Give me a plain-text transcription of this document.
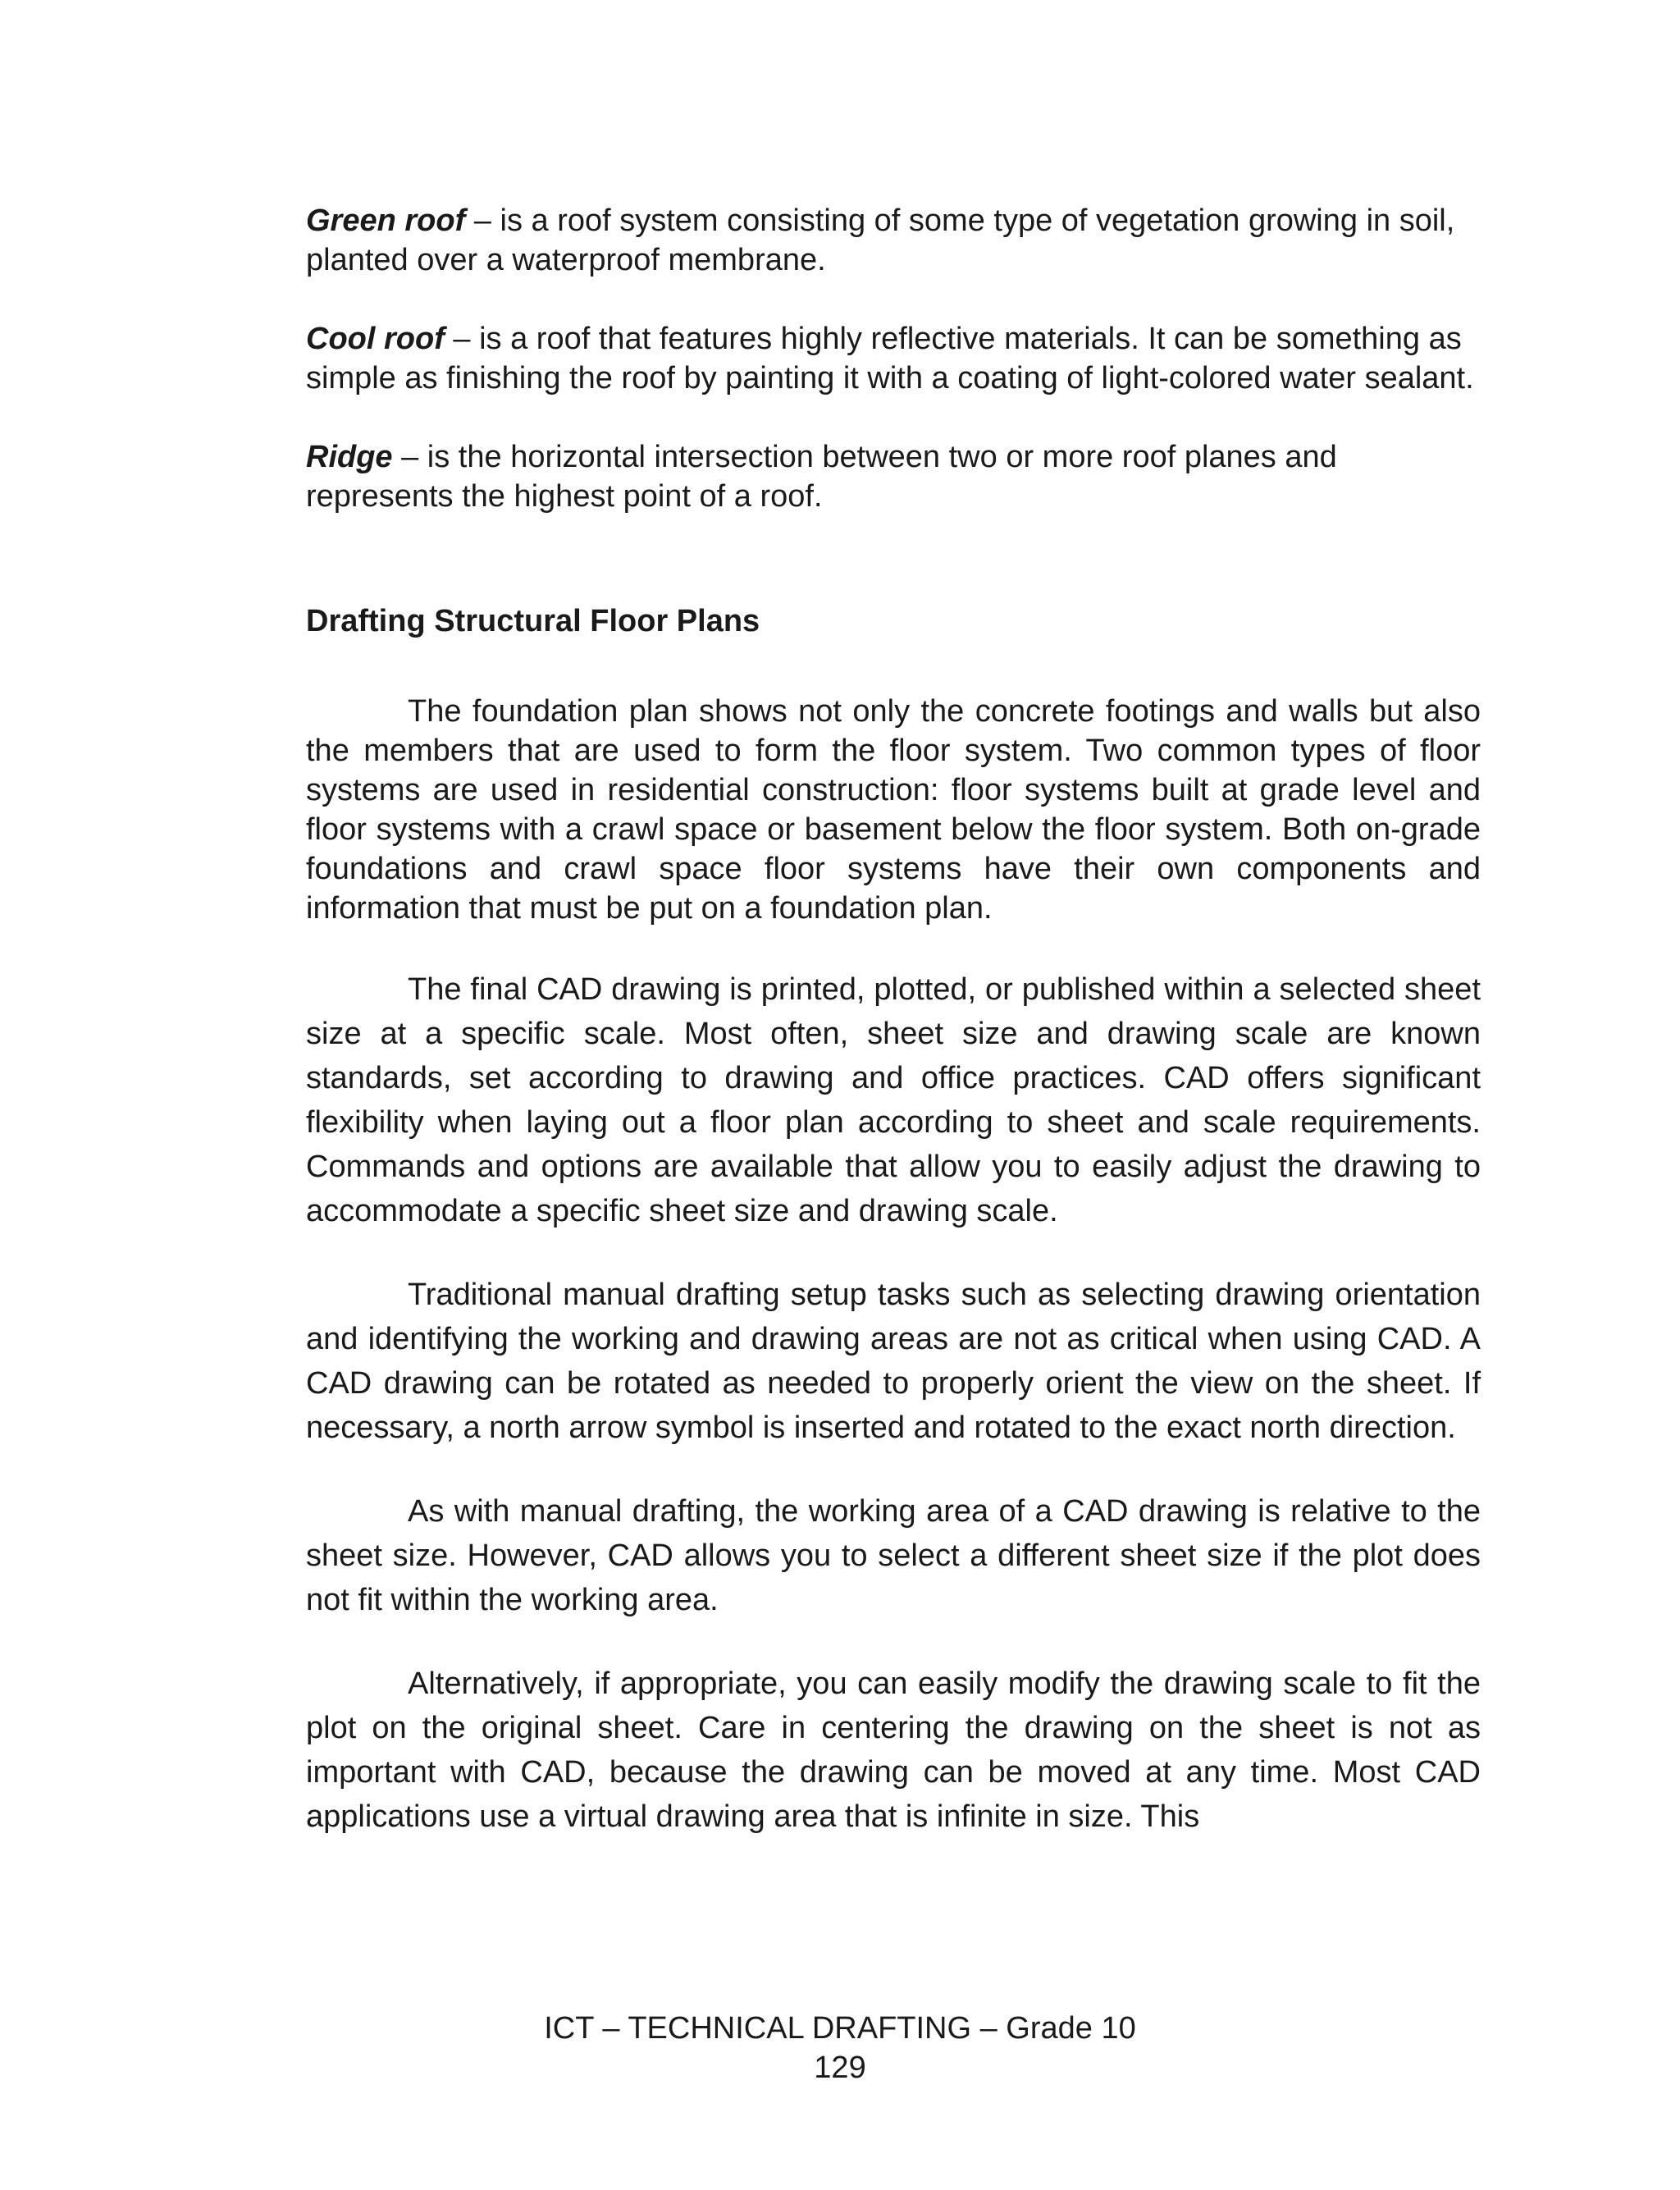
Green roof – is a roof system consisting of some type of vegetation growing in soil, planted over a waterproof membrane.

Cool roof – is a roof that features highly reflective materials. It can be something as simple as finishing the roof by painting it with a coating of light-colored water sealant.

Ridge – is the horizontal intersection between two or more roof planes and represents the highest point of a roof.

Drafting Structural Floor Plans

The foundation plan shows not only the concrete footings and walls but also the members that are used to form the floor system. Two common types of floor systems are used in residential construction: floor systems built at grade level and floor systems with a crawl space or basement below the floor system. Both on-grade foundations and crawl space floor systems have their own components and information that must be put on a foundation plan.

The final CAD drawing is printed, plotted, or published within a selected sheet size at a specific scale. Most often, sheet size and drawing scale are known standards, set according to drawing and office practices. CAD offers significant flexibility when laying out a floor plan according to sheet and scale requirements. Commands and options are available that allow you to easily adjust the drawing to accommodate a specific sheet size and drawing scale.

Traditional manual drafting setup tasks such as selecting drawing orientation and identifying the working and drawing areas are not as critical when using CAD. A CAD drawing can be rotated as needed to properly orient the view on the sheet. If necessary, a north arrow symbol is inserted and rotated to the exact north direction.

As with manual drafting, the working area of a CAD drawing is relative to the sheet size. However, CAD allows you to select a different sheet size if the plot does not fit within the working area.

Alternatively, if appropriate, you can easily modify the drawing scale to fit the plot on the original sheet. Care in centering the drawing on the sheet is not as important with CAD, because the drawing can be moved at any time. Most CAD applications use a virtual drawing area that is infinite in size. This

ICT – TECHNICAL DRAFTING – Grade 10
129
